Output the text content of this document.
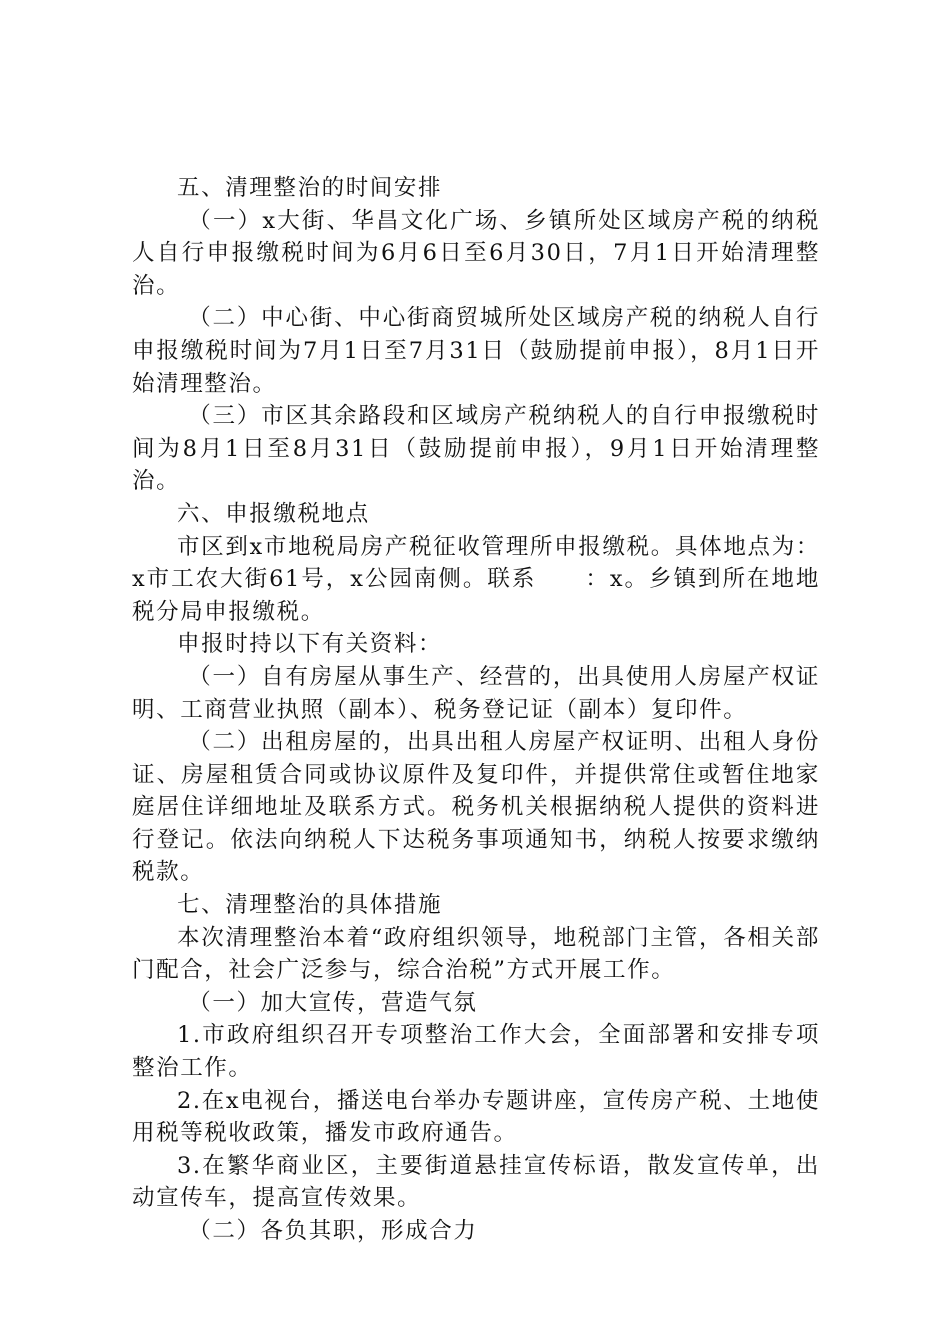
五、清理整治的时间安排

（一）x大街、华昌文化广场、乡镇所处区域房产税的纳税人自行申报缴税时间为6月6日至6月30日，7月1日开始清理整治。

（二）中心街、中心街商贸城所处区域房产税的纳税人自行申报缴税时间为7月1日至7月31日（鼓励提前申报），8月1日开始清理整治。

（三）市区其余路段和区域房产税纳税人的自行申报缴税时间为8月1日至8月31日（鼓励提前申报），9月1日开始清理整治。

六、申报缴税地点

市区到x市地税局房产税征收管理所申报缴税。具体地点为：x市工农大街61号，x公园南侧。联系　　：x。乡镇到所在地地税分局申报缴税。

申报时持以下有关资料：

（一）自有房屋从事生产、经营的，出具使用人房屋产权证明、工商营业执照（副本）、税务登记证（副本）复印件。

（二）出租房屋的，出具出租人房屋产权证明、出租人身份证、房屋租赁合同或协议原件及复印件，并提供常住或暂住地家庭居住详细地址及联系方式。税务机关根据纳税人提供的资料进行登记。依法向纳税人下达税务事项通知书，纳税人按要求缴纳税款。

七、清理整治的具体措施

本次清理整治本着“政府组织领导，地税部门主管，各相关部门配合，社会广泛参与，综合治税”方式开展工作。

（一）加大宣传，营造气氛

1.市政府组织召开专项整治工作大会，全面部署和安排专项整治工作。

2.在x电视台，播送电台举办专题讲座，宣传房产税、土地使用税等税收政策，播发市政府通告。

3.在繁华商业区，主要街道悬挂宣传标语，散发宣传单，出动宣传车，提高宣传效果。

（二）各负其职，形成合力
